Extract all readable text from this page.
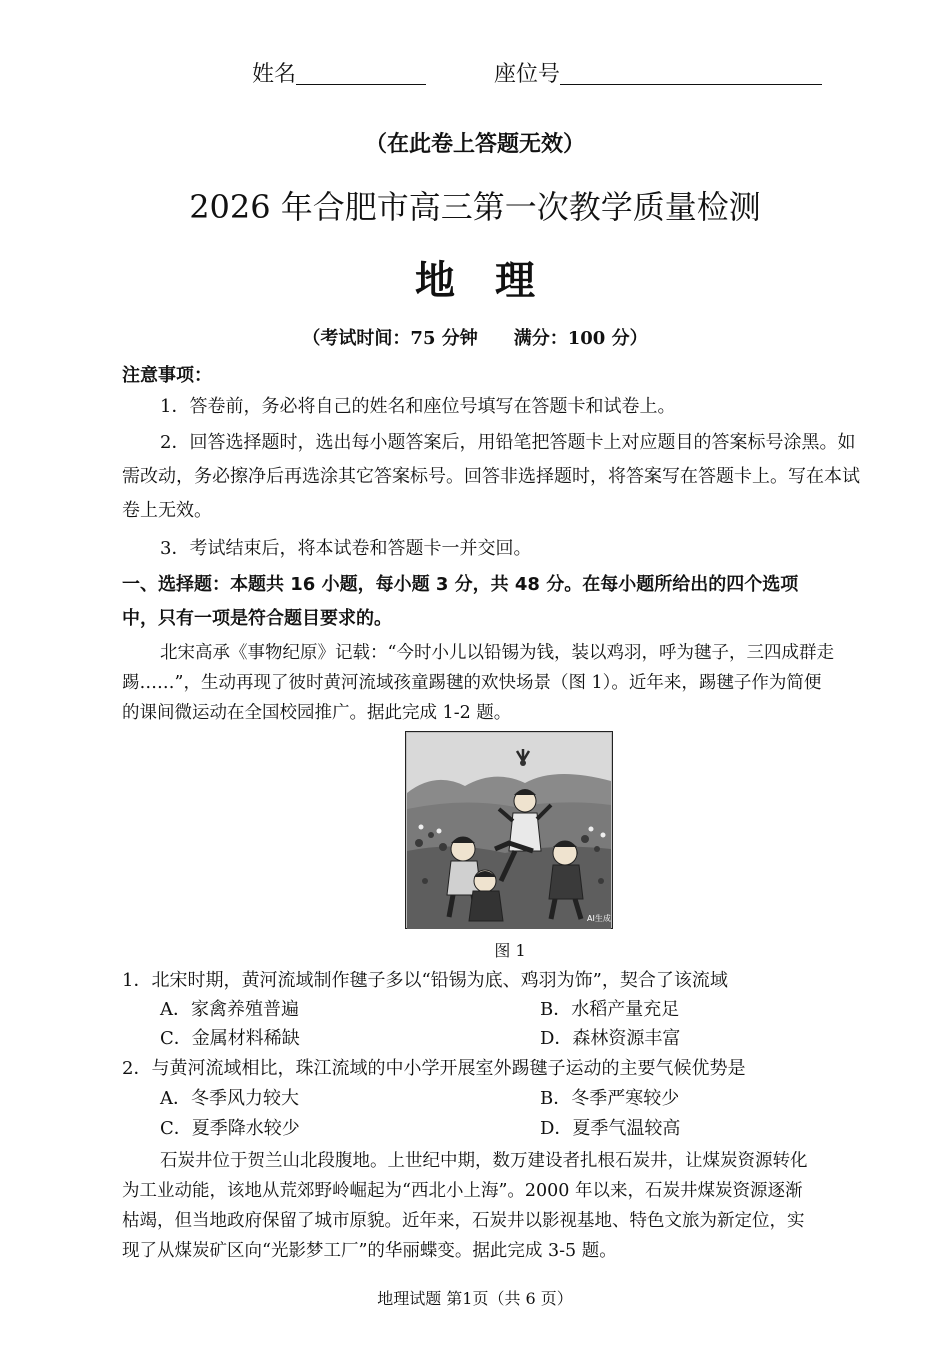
姓名	座位号
（在此卷上答题无效）
2026 年合肥市高三第一次教学质量检测
地　理
（考试时间：75 分钟　　满分：100 分）
注意事项：
1．答卷前，务必将自己的姓名和座位号填写在答题卡和试卷上。
2．回答选择题时，选出每小题答案后，用铅笔把答题卡上对应题目的答案标号涂黑。如
需改动，务必擦净后再选涂其它答案标号。回答非选择题时，将答案写在答题卡上。写在本试
卷上无效。
3．考试结束后，将本试卷和答题卡一并交回。
一、选择题：本题共 16 小题，每小题 3 分，共 48 分。在每小题所给出的四个选项
中，只有一项是符合题目要求的。
北宋高承《事物纪原》记载：“今时小儿以铅锡为钱，装以鸡羽，呼为毽子，三四成群走
踢……”，生动再现了彼时黄河流域孩童踢毽的欢快场景（图 1）。近年来，踢毽子作为简便
的课间微运动在全国校园推广。据此完成 1-2 题。
AI生成
图 1
1．北宋时期，黄河流域制作毽子多以“铅锡为底、鸡羽为饰”，契合了该流域
A．家禽养殖普遍	B．水稻产量充足
C．金属材料稀缺	D．森林资源丰富
2．与黄河流域相比，珠江流域的中小学开展室外踢毽子运动的主要气候优势是
A．冬季风力较大	B．冬季严寒较少
C．夏季降水较少	D．夏季气温较高
石炭井位于贺兰山北段腹地。上世纪中期，数万建设者扎根石炭井，让煤炭资源转化
为工业动能，该地从荒郊野岭崛起为“西北小上海”。2000 年以来，石炭井煤炭资源逐渐
枯竭，但当地政府保留了城市原貌。近年来，石炭井以影视基地、特色文旅为新定位，实
现了从煤炭矿区向“光影梦工厂”的华丽蝶变。据此完成 3-5 题。
地理试题 第1页（共 6 页）
